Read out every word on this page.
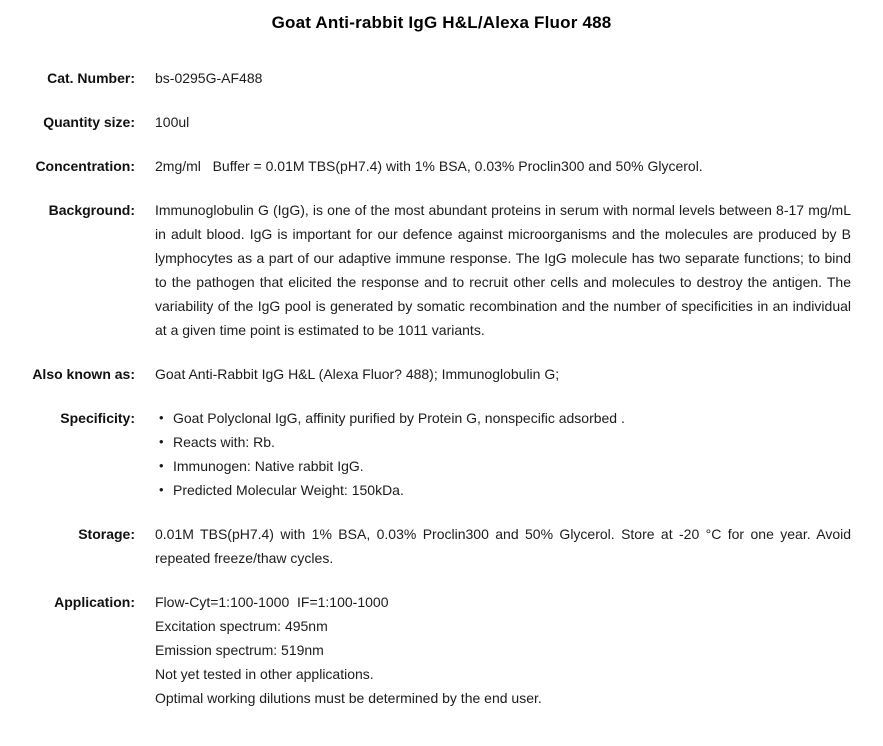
Goat Anti-rabbit IgG H&L/Alexa Fluor 488
Cat. Number: bs-0295G-AF488
Quantity size: 100ul
Concentration: 2mg/ml   Buffer = 0.01M TBS(pH7.4) with 1% BSA, 0.03% Proclin300 and 50% Glycerol.
Background: Immunoglobulin G (IgG), is one of the most abundant proteins in serum with normal levels between 8-17 mg/mL in adult blood. IgG is important for our defence against microorganisms and the molecules are produced by B lymphocytes as a part of our adaptive immune response. The IgG molecule has two separate functions; to bind to the pathogen that elicited the response and to recruit other cells and molecules to destroy the antigen. The variability of the IgG pool is generated by somatic recombination and the number of specificities in an individual at a given time point is estimated to be 1011 variants.
Also known as: Goat Anti-Rabbit IgG H&L (Alexa Fluor? 488); Immunoglobulin G;
Specificity:	• Goat Polyclonal IgG, affinity purified by Protein G, nonspecific adsorbed .
• Reacts with: Rb.
• Immunogen: Native rabbit IgG.
• Predicted Molecular Weight: 150kDa.
Storage: 0.01M TBS(pH7.4) with 1% BSA, 0.03% Proclin300 and 50% Glycerol. Store at -20 °C for one year. Avoid repeated freeze/thaw cycles.
Application: Flow-Cyt=1:100-1000  IF=1:100-1000
Excitation spectrum: 495nm
Emission spectrum: 519nm
Not yet tested in other applications.
Optimal working dilutions must be determined by the end user.
